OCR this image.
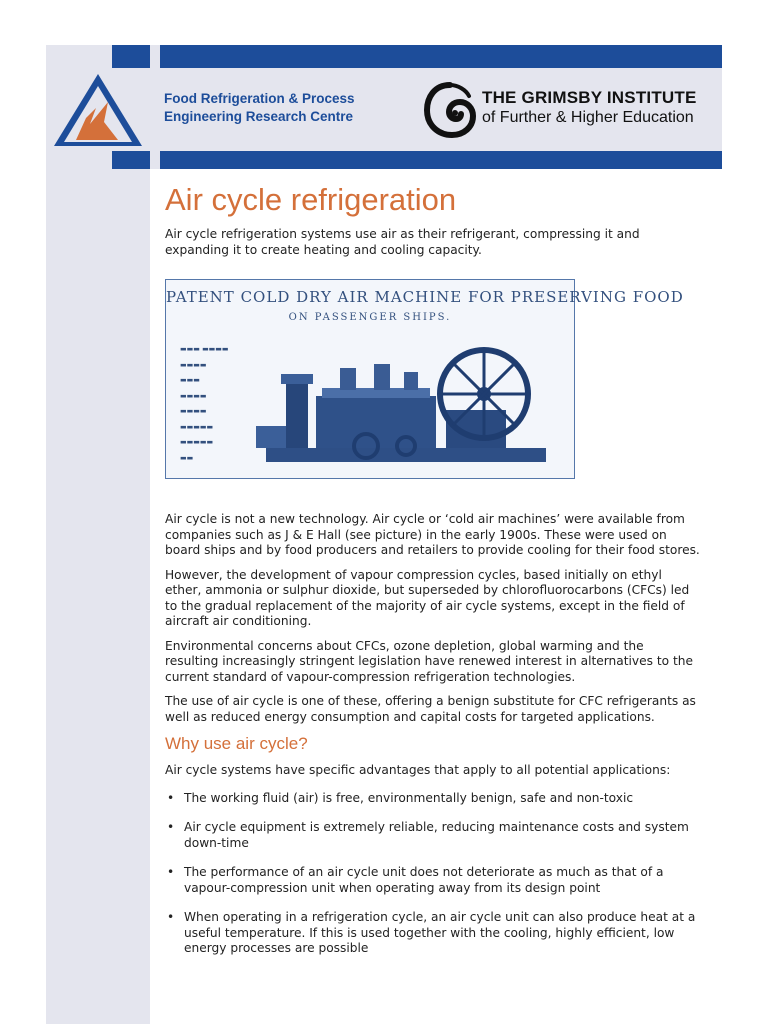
Food Refrigeration & Process
Engineering Research Centre
THE GRIMSBY INSTITUTE
of Further & Higher Education
Air cycle refrigeration

Air cycle refrigeration systems use air as their refrigerant, compressing it and expanding it to create heating and cooling capacity.

PATENT COLD DRY AIR MACHINE FOR PRESERVING FOOD
ON PASSENGER SHIPS.
▬▬▬ ▬▬▬▬
▬▬▬▬
▬▬▬
▬▬▬▬
▬▬▬▬
▬▬▬▬▬
▬▬▬▬▬
▬▬

Air cycle is not a new technology. Air cycle or ‘cold air machines’ were available from companies such as J & E Hall (see picture) in the early 1900s. These were used on board ships and by food producers and retailers to provide cooling for their food stores.

However, the development of vapour compression cycles, based initially on ethyl ether, ammonia or sulphur dioxide, but superseded by chlorofluorocarbons (CFCs) led to the gradual replacement of the majority of air cycle systems, except in the field of aircraft air conditioning.

Environmental concerns about CFCs, ozone depletion, global warming and the resulting increasingly stringent legislation have renewed interest in alternatives to the current standard of vapour-compression refrigeration technologies.

The use of air cycle is one of these, offering a benign substitute for CFC refrigerants as well as reduced energy consumption and capital costs for targeted applications.

Why use air cycle?

Air cycle systems have specific advantages that apply to all potential applications:

• The working fluid (air) is free, environmentally benign, safe and non-toxic
• Air cycle equipment is extremely reliable, reducing maintenance costs and system down-time
• The performance of an air cycle unit does not deteriorate as much as that of a vapour-compression unit when operating away from its design point
• When operating in a refrigeration cycle, an air cycle unit can also produce heat at a useful temperature. If this is used together with the cooling, highly efficient, low energy processes are possible
